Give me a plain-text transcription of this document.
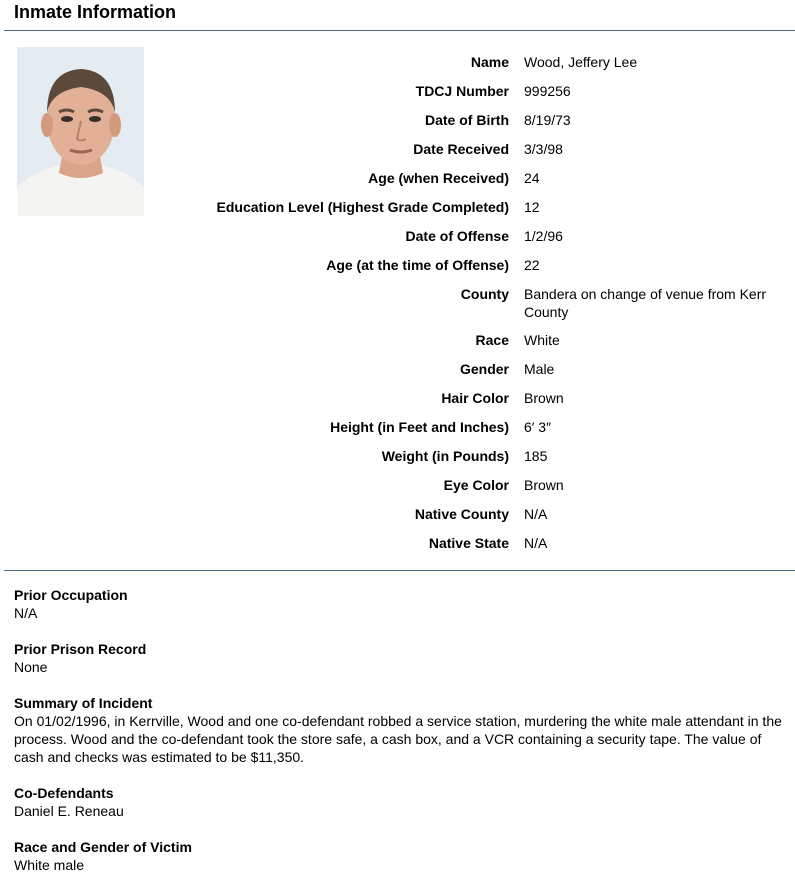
Inmate Information
Name Wood, Jeffery Lee
TDCJ Number 999256
Date of Birth 8/19/73
Date Received 3/3/98
Age (when Received) 24
Education Level (Highest Grade Completed) 12
Date of Offense 1/2/96
Age (at the time of Offense) 22
County Bandera on change of venue from Kerr County
Race White
Gender Male
Hair Color Brown
Height (in Feet and Inches) 6′ 3″
Weight (in Pounds) 185
Eye Color Brown
Native County N/A
Native State N/A
Prior Occupation
N/A
Prior Prison Record
None
Summary of Incident
On 01/02/1996, in Kerrville, Wood and one co-defendant robbed a service station, murdering the white male attendant in the process. Wood and the co-defendant took the store safe, a cash box, and a VCR containing a security tape. The value of cash and checks was estimated to be $11,350.
Co-Defendants
Daniel E. Reneau
Race and Gender of Victim
White male
